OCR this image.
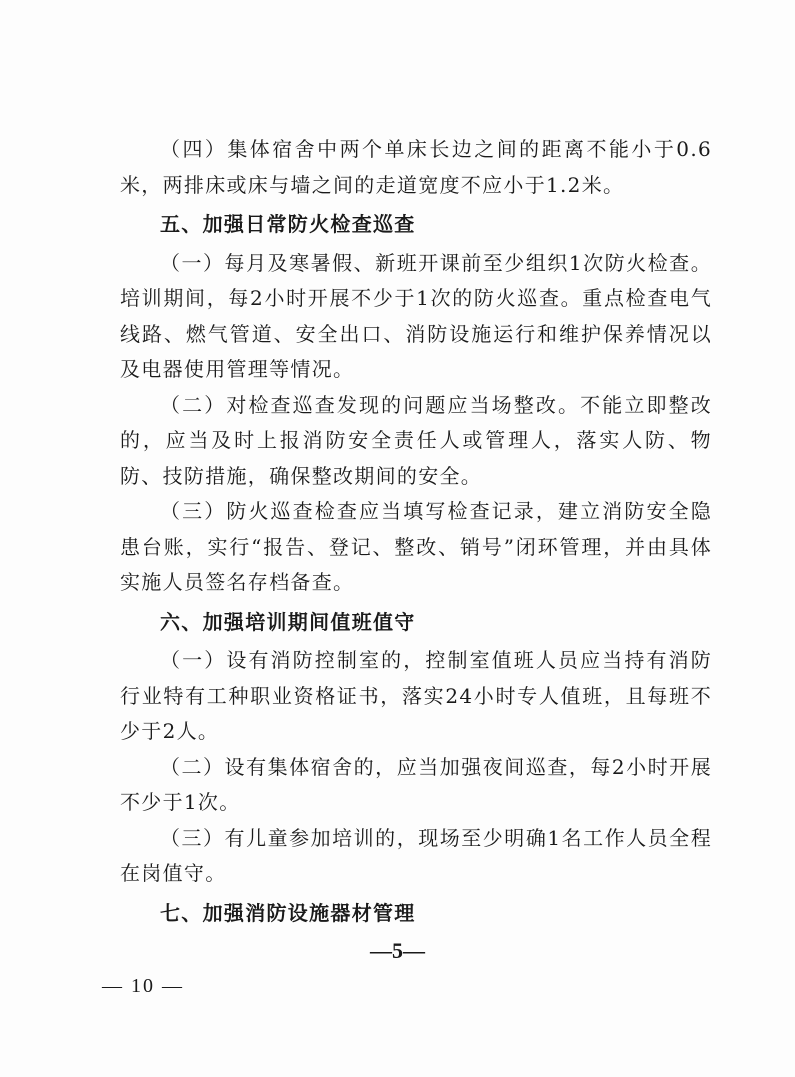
（四）集体宿舍中两个单床长边之间的距离不能小于0.6米，两排床或床与墙之间的走道宽度不应小于1.2米。

五、加强日常防火检查巡查

（一）每月及寒暑假、新班开课前至少组织1次防火检查。培训期间，每2小时开展不少于1次的防火巡查。重点检查电气线路、燃气管道、安全出口、消防设施运行和维护保养情况以及电器使用管理等情况。

（二）对检查巡查发现的问题应当场整改。不能立即整改的，应当及时上报消防安全责任人或管理人，落实人防、物防、技防措施，确保整改期间的安全。

（三）防火巡查检查应当填写检查记录，建立消防安全隐患台账，实行“报告、登记、整改、销号”闭环管理，并由具体实施人员签名存档备查。

六、加强培训期间值班值守

（一）设有消防控制室的，控制室值班人员应当持有消防行业特有工种职业资格证书，落实24小时专人值班，且每班不少于2人。

（二）设有集体宿舍的，应当加强夜间巡查，每2小时开展不少于1次。

（三）有儿童参加培训的，现场至少明确1名工作人员全程在岗值守。

七、加强消防设施器材管理
—5—
— 10 —
